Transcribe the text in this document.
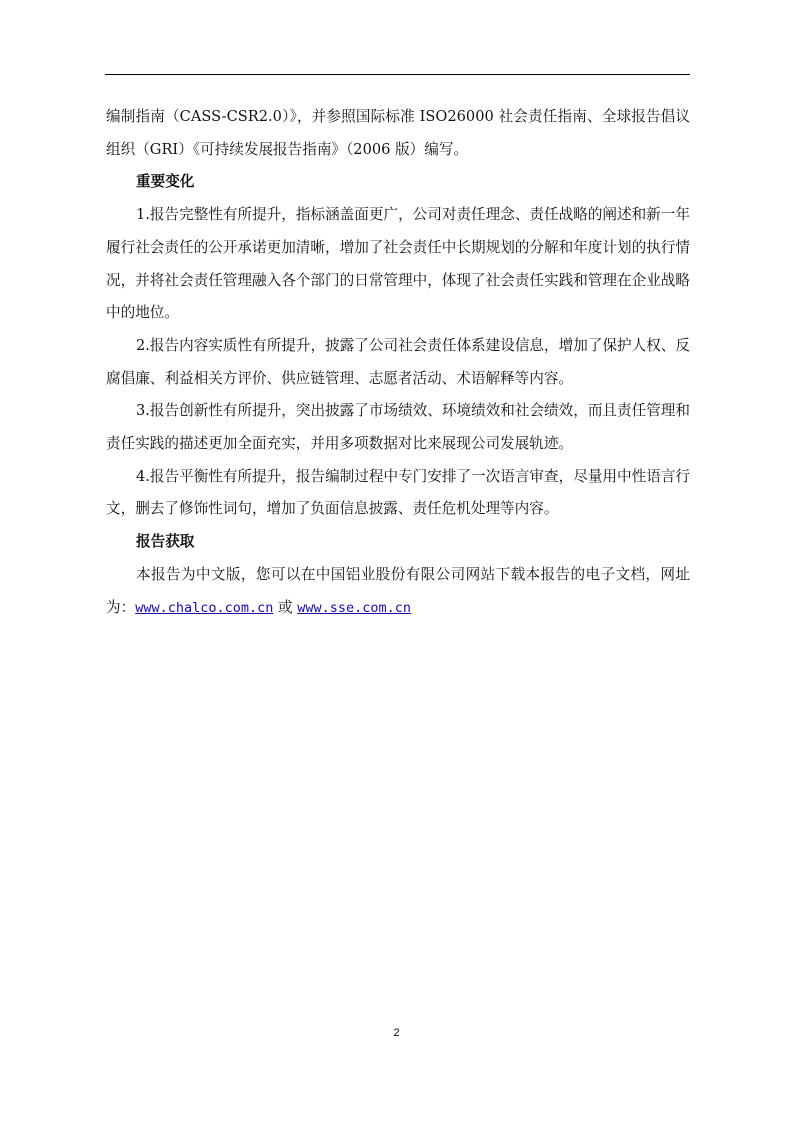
编制指南（CASS-CSR2.0）》，并参照国际标准 ISO26000 社会责任指南、全球报告倡议组织（GRI）《可持续发展报告指南》（2006 版）编写。

重要变化

1.报告完整性有所提升，指标涵盖面更广，公司对责任理念、责任战略的阐述和新一年履行社会责任的公开承诺更加清晰，增加了社会责任中长期规划的分解和年度计划的执行情况，并将社会责任管理融入各个部门的日常管理中，体现了社会责任实践和管理在企业战略中的地位。

2.报告内容实质性有所提升，披露了公司社会责任体系建设信息，增加了保护人权、反腐倡廉、利益相关方评价、供应链管理、志愿者活动、术语解释等内容。

3.报告创新性有所提升，突出披露了市场绩效、环境绩效和社会绩效，而且责任管理和责任实践的描述更加全面充实，并用多项数据对比来展现公司发展轨迹。

4.报告平衡性有所提升，报告编制过程中专门安排了一次语言审查，尽量用中性语言行文，删去了修饰性词句，增加了负面信息披露、责任危机处理等内容。

报告获取

本报告为中文版，您可以在中国铝业股份有限公司网站下载本报告的电子文档，网址为：www.chalco.com.cn 或 www.sse.com.cn

2
